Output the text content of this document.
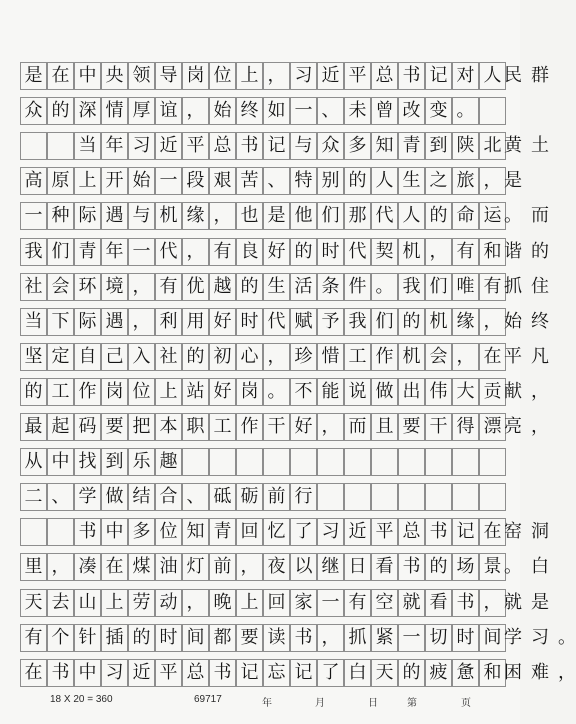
是 在 中 央 领 导 岗 位 上 ， 习 近 平 总 书 记 对 人 民 群
众 的 深 情 厚 谊 ， 始 终 如 一 、 未 曾 改 变 。
当 年 习 近 平 总 书 记 与 众 多 知 青 到 陕 北 黄 土
高 原 上 开 始 一 段 艰 苦 、 特 别 的 人 生 之 旅 ， 是
一 种 际 遇 与 机 缘 ， 也 是 他 们 那 代 人 的 命 运 。 而
我 们 青 年 一 代 ， 有 良 好 的 时 代 契 机 ， 有 和 谐 的
社 会 环 境 ， 有 优 越 的 生 活 条 件 。 我 们 唯 有 抓 住
当 下 际 遇 ， 利 用 好 时 代 赋 予 我 们 的 机 缘 ， 始 终
坚 定 自 己 入 社 的 初 心 ， 珍 惜 工 作 机 会 ， 在 平 凡
的 工 作 岗 位 上 站 好 岗 。 不 能 说 做 出 伟 大 贡 献 ，
最 起 码 要 把 本 职 工 作 干 好 ， 而 且 要 干 得 漂 亮 ，
从 中 找 到 乐 趣
二 、 学 做 结 合 、 砥 砺 前 行
书 中 多 位 知 青 回 忆 了 习 近 平 总 书 记 在 窑 洞
里 ， 凑 在 煤 油 灯 前 ， 夜 以 继 日 看 书 的 场 景 。 白
天 去 山 上 劳 动 ， 晚 上 回 家 一 有 空 就 看 书 ， 就 是
有 个 针 插 的 时 间 都 要 读 书 ， 抓 紧 一 切 时 间 学 习 。
在 书 中 习 近 平 总 书 记 忘 记 了 白 天 的 疲 惫 和 困 难 ，
18 X 20 = 360	69717	年	月	日	第	页
